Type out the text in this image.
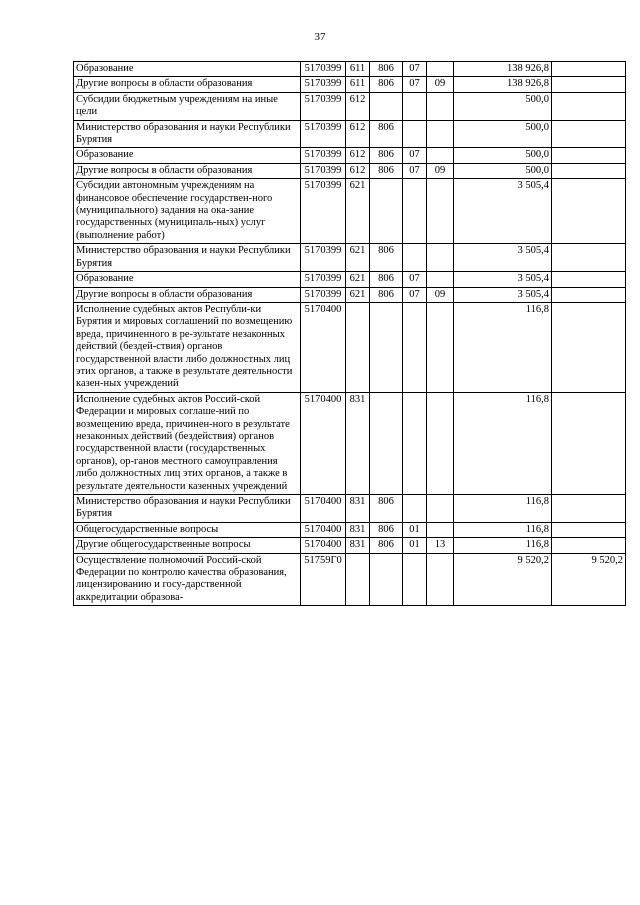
37
Образование	5170399	611	806	07		138 926,8	
Другие вопросы в области образования	5170399	611	806	07	09	138 926,8	
Субсидии бюджетным учреждениям на иные цели	5170399	612				500,0	
Министерство образования и науки Республики Бурятия	5170399	612	806			500,0	
Образование	5170399	612	806	07		500,0	
Другие вопросы в области образования	5170399	612	806	07	09	500,0	
Субсидии автономным учреждениям на финансовое обеспечение государствен-ного (муниципального) задания на ока-зание государственных (муниципаль-ных) услуг (выполнение работ)	5170399	621				3 505,4	
Министерство образования и науки Республики Бурятия	5170399	621	806			3 505,4	
Образование	5170399	621	806	07		3 505,4	
Другие вопросы в области образования	5170399	621	806	07	09	3 505,4	
Исполнение судебных актов Республи-ки Бурятия и мировых соглашений по возмещению вреда, причиненного в ре-зультате незаконных действий (бездей-ствия) органов государственной власти либо должностных лиц этих органов, а также в результате деятельности казен-ных учреждений	5170400					116,8	
Исполнение судебных актов Россий-ской Федерации и мировых соглаше-ний по возмещению вреда, причинен-ного в результате незаконных действий (бездействия) органов государственной власти (государственных органов), ор-ганов местного самоуправления либо должностных лиц этих органов, а также в результате деятельности казенных учреждений	5170400	831				116,8	
Министерство образования и науки Республики Бурятия	5170400	831	806			116,8	
Общегосударственные вопросы	5170400	831	806	01		116,8	
Другие общегосударственные вопросы	5170400	831	806	01	13	116,8	
Осуществление полномочий Россий-ской Федерации по контролю качества образования, лицензированию и госу-дарственной аккредитации образова-	51759Г0					9 520,2	9 520,2
